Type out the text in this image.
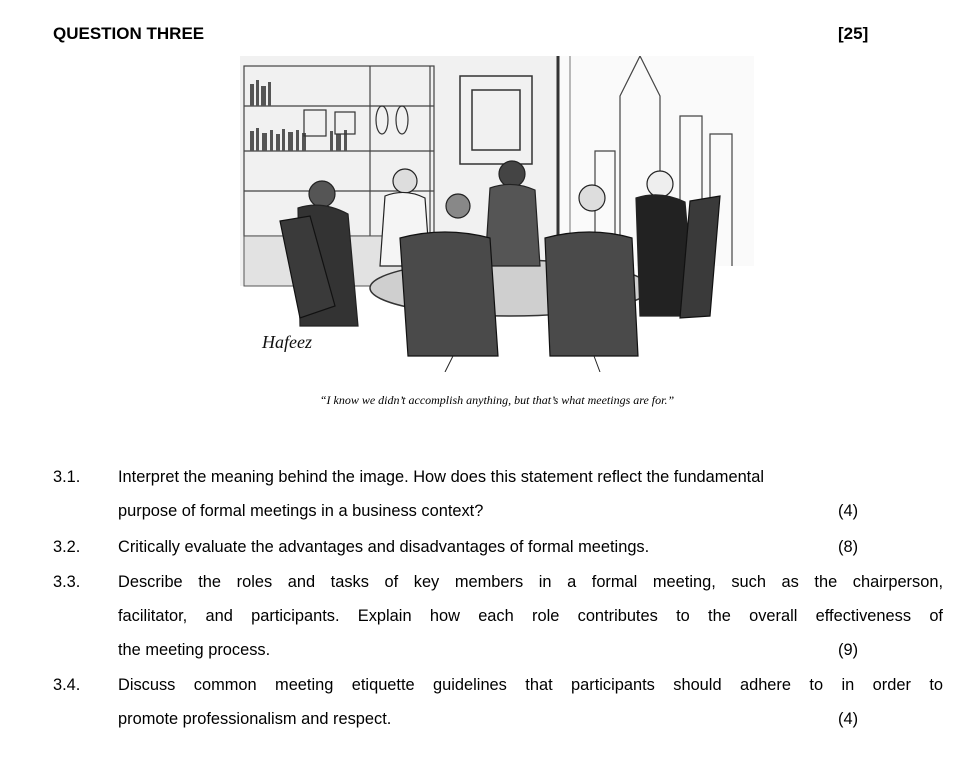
QUESTION THREE	[25]
Hafeez
“I know we didn’t accomplish anything, but that’s what meetings are for.”
3.1. Interpret the meaning behind the image. How does this statement reflect the fundamental
purpose of formal meetings in a business context?	(4)
3.2. Critically evaluate the advantages and disadvantages of formal meetings.	(8)
3.3. Describe the roles and tasks of key members in a formal meeting, such as the chairperson,
facilitator, and participants. Explain how each role contributes to the overall effectiveness of
the meeting process.	(9)
3.4. Discuss common meeting etiquette guidelines that participants should adhere to in order to
promote professionalism and respect.	(4)
